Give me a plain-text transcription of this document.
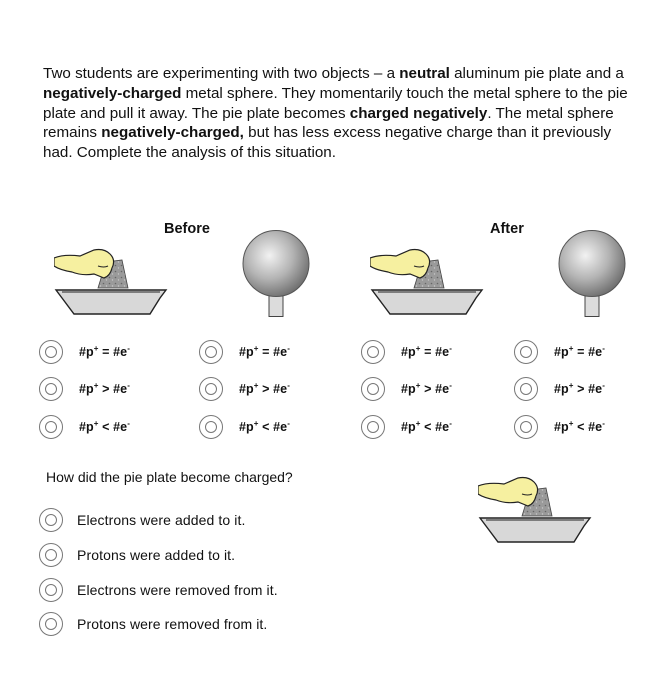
Two students are experimenting with two objects – a neutral aluminum pie plate and a negatively-charged metal sphere. They momentarily touch the metal sphere to the pie plate and pull it away. The pie plate becomes charged negatively. The metal sphere remains negatively-charged, but has less excess negative charge than it previously had. Complete the analysis of this situation.

Before	After
#p+ = #e-
#p+ > #e-
#p+ < #e-
#p+ = #e-
#p+ > #e-
#p+ < #e-
#p+ = #e-
#p+ > #e-
#p+ < #e-
#p+ = #e-
#p+ > #e-
#p+ < #e-

How did the pie plate become charged?

Electrons were added to it.
Protons were added to it.
Electrons were removed from it.
Protons were removed from it.
